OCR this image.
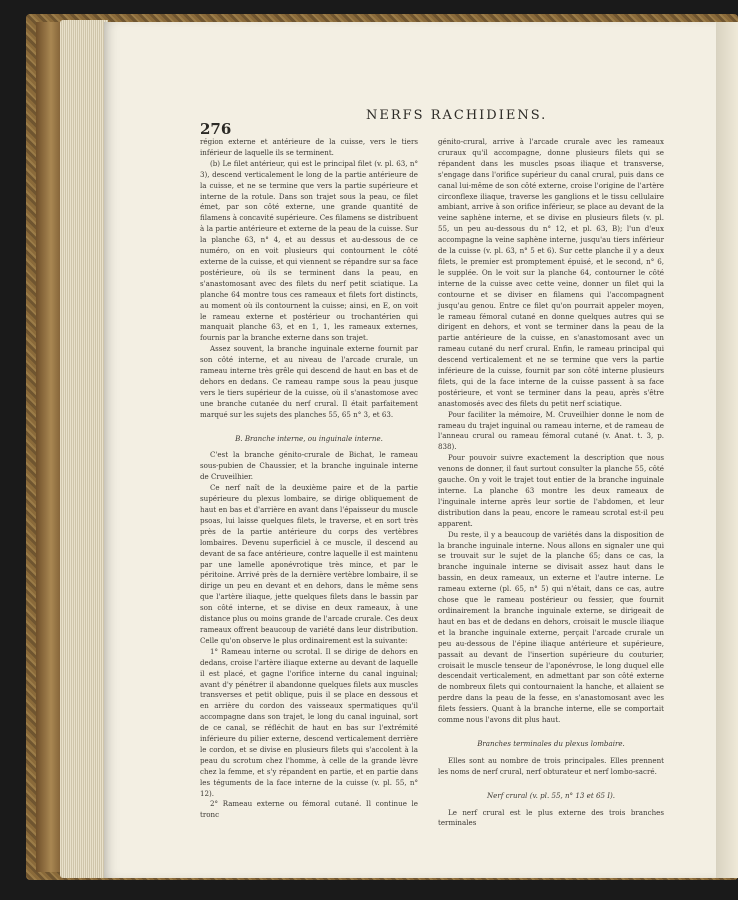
276
NERFS RACHIDIENS.

région externe et antérieure de la cuisse, vers le tiers inférieur de laquelle ils se terminent.

(b) Le filet antérieur, qui est le principal filet (v. pl. 63, n° 3), descend verticalement le long de la partie antérieure de la cuisse, et ne se termine que vers la partie supérieure et interne de la rotule. Dans son trajet sous la peau, ce filet émet, par son côté externe, une grande quantité de filamens à concavité supérieure. Ces filamens se distribuent à la partie antérieure et externe de la peau de la cuisse. Sur la planche 63, n° 4, et au dessus et au-dessous de ce numéro, on en voit plusieurs qui contournent le côté externe de la cuisse, et qui viennent se répandre sur sa face postérieure, où ils se terminent dans la peau, en s'anastomosant avec des filets du nerf petit sciatique. La planche 64 montre tous ces rameaux et filets fort distincts, au moment où ils contournent la cuisse; ainsi, en E, on voit le rameau externe et postérieur ou trochantérien qui manquait planche 63, et en 1, 1, les rameaux externes, fournis par la branche externe dans son trajet.

Assez souvent, la branche inguinale externe fournit par son côté interne, et au niveau de l'arcade crurale, un rameau interne très grêle qui descend de haut en bas et de dehors en dedans. Ce rameau rampe sous la peau jusque vers le tiers supérieur de la cuisse, où il s'anastomose avec une branche cutanée du nerf crural. Il était parfaitement marqué sur les sujets des planches 55, 65 n° 3, et 63.

B. Branche interne, ou inguinale interne.

C'est la branche génito-crurale de Bichat, le rameau sous-pubien de Chaussier, et la branche inguinale interne de Cruveilhier.

Ce nerf naît de la deuxième paire et de la partie supérieure du plexus lombaire, se dirige obliquement de haut en bas et d'arrière en avant dans l'épaisseur du muscle psoas, lui laisse quelques filets, le traverse, et en sort très près de la partie antérieure du corps des vertèbres lombaires. Devenu superficiel à ce muscle, il descend au devant de sa face antérieure, contre laquelle il est maintenu par une lamelle aponévrotique très mince, et par le péritoine. Arrivé près de la dernière vertèbre lombaire, il se dirige un peu en devant et en dehors, dans le même sens que l'artère iliaque, jette quelques filets dans le bassin par son côté interne, et se divise en deux rameaux, à une distance plus ou moins grande de l'arcade crurale. Ces deux rameaux offrent beaucoup de variété dans leur distribution. Celle qu'on observe le plus ordinairement est la suivante:

1° Rameau interne ou scrotal. Il se dirige de dehors en dedans, croise l'artère iliaque externe au devant de laquelle il est placé, et gagne l'orifice interne du canal inguinal; avant d'y pénétrer il abandonne quelques filets aux muscles transverses et petit oblique, puis il se place en dessous et en arrière du cordon des vaisseaux spermatiques qu'il accompagne dans son trajet, le long du canal inguinal, sort de ce canal, se réfléchit de haut en bas sur l'extrémité inférieure du pilier externe, descend verticalement derrière le cordon, et se divise en plusieurs filets qui s'accolent à la peau du scrotum chez l'homme, à celle de la grande lèvre chez la femme, et s'y répandent en partie, et en partie dans les téguments de la face interne de la cuisse (v. pl. 55, n° 12).

2° Rameau externe ou fémoral cutané. Il continue le tronc

génito-crural, arrive à l'arcade crurale avec les rameaux cruraux qu'il accompagne, donne plusieurs filets qui se répandent dans les muscles psoas iliaque et transverse, s'engage dans l'orifice supérieur du canal crural, puis dans ce canal lui-même de son côté externe, croise l'origine de l'artère circonflexe iliaque, traverse les ganglions et le tissu cellulaire ambiant, arrive à son orifice inférieur, se place au devant de la veine saphène interne, et se divise en plusieurs filets (v. pl. 55, un peu au-dessous du n° 12, et pl. 63, B); l'un d'eux accompagne la veine saphène interne, jusqu'au tiers inférieur de la cuisse (v. pl. 63, n° 5 et 6). Sur cette planche il y a deux filets, le premier est promptement épuisé, et le second, n° 6, le supplée. On le voit sur la planche 64, contourner le côté interne de la cuisse avec cette veine, donner un filet qui la contourne et se diviser en filamens qui l'accompagnent jusqu'au genou. Entre ce filet qu'on pourrait appeler moyen, le rameau fémoral cutané en donne quelques autres qui se dirigent en dehors, et vont se terminer dans la peau de la partie antérieure de la cuisse, en s'anastomosant avec un rameau cutané du nerf crural. Enfin, le rameau principal qui descend verticalement et ne se termine que vers la partie inférieure de la cuisse, fournit par son côté interne plusieurs filets, qui de la face interne de la cuisse passent à sa face postérieure, et vont se terminer dans la peau, après s'être anastomosés avec des filets du petit nerf sciatique.

Pour faciliter la mémoire, M. Cruveilhier donne le nom de rameau du trajet inguinal ou rameau interne, et de rameau de l'anneau crural ou rameau fémoral cutané (v. Anat. t. 3, p. 838).

Pour pouvoir suivre exactement la description que nous venons de donner, il faut surtout consulter la planche 55, côté gauche. On y voit le trajet tout entier de la branche inguinale interne. La planche 63 montre les deux rameaux de l'inguinale interne après leur sortie de l'abdomen, et leur distribution dans la peau, encore le rameau scrotal est-il peu apparent.

Du reste, il y a beaucoup de variétés dans la disposition de la branche inguinale interne. Nous allons en signaler une qui se trouvait sur le sujet de la planche 65; dans ce cas, la branche inguinale interne se divisait assez haut dans le bassin, en deux rameaux, un externe et l'autre interne. Le rameau externe (pl. 65, n° 5) qui n'était, dans ce cas, autre chose que le rameau postérieur ou fessier, que fournit ordinairement la branche inguinale externe, se dirigeait de haut en bas et de dedans en dehors, croisait le muscle iliaque et la branche inguinale externe, perçait l'arcade crurale un peu au-dessous de l'épine iliaque antérieure et supérieure, passait au devant de l'insertion supérieure du couturier, croisait le muscle tenseur de l'aponévrose, le long duquel elle descendait verticalement, en admettant par son côté externe de nombreux filets qui contournaient la hanche, et allaient se perdre dans la peau de la fesse, en s'anastomosant avec les filets fessiers. Quant à la branche interne, elle se comportait comme nous l'avons dit plus haut.

Branches terminales du plexus lombaire.

Elles sont au nombre de trois principales. Elles prennent les noms de nerf crural, nerf obturateur et nerf lombo-sacré.

Nerf crural (v. pl. 55, n° 13 et 65 I).

Le nerf crural est le plus externe des trois branches terminales
